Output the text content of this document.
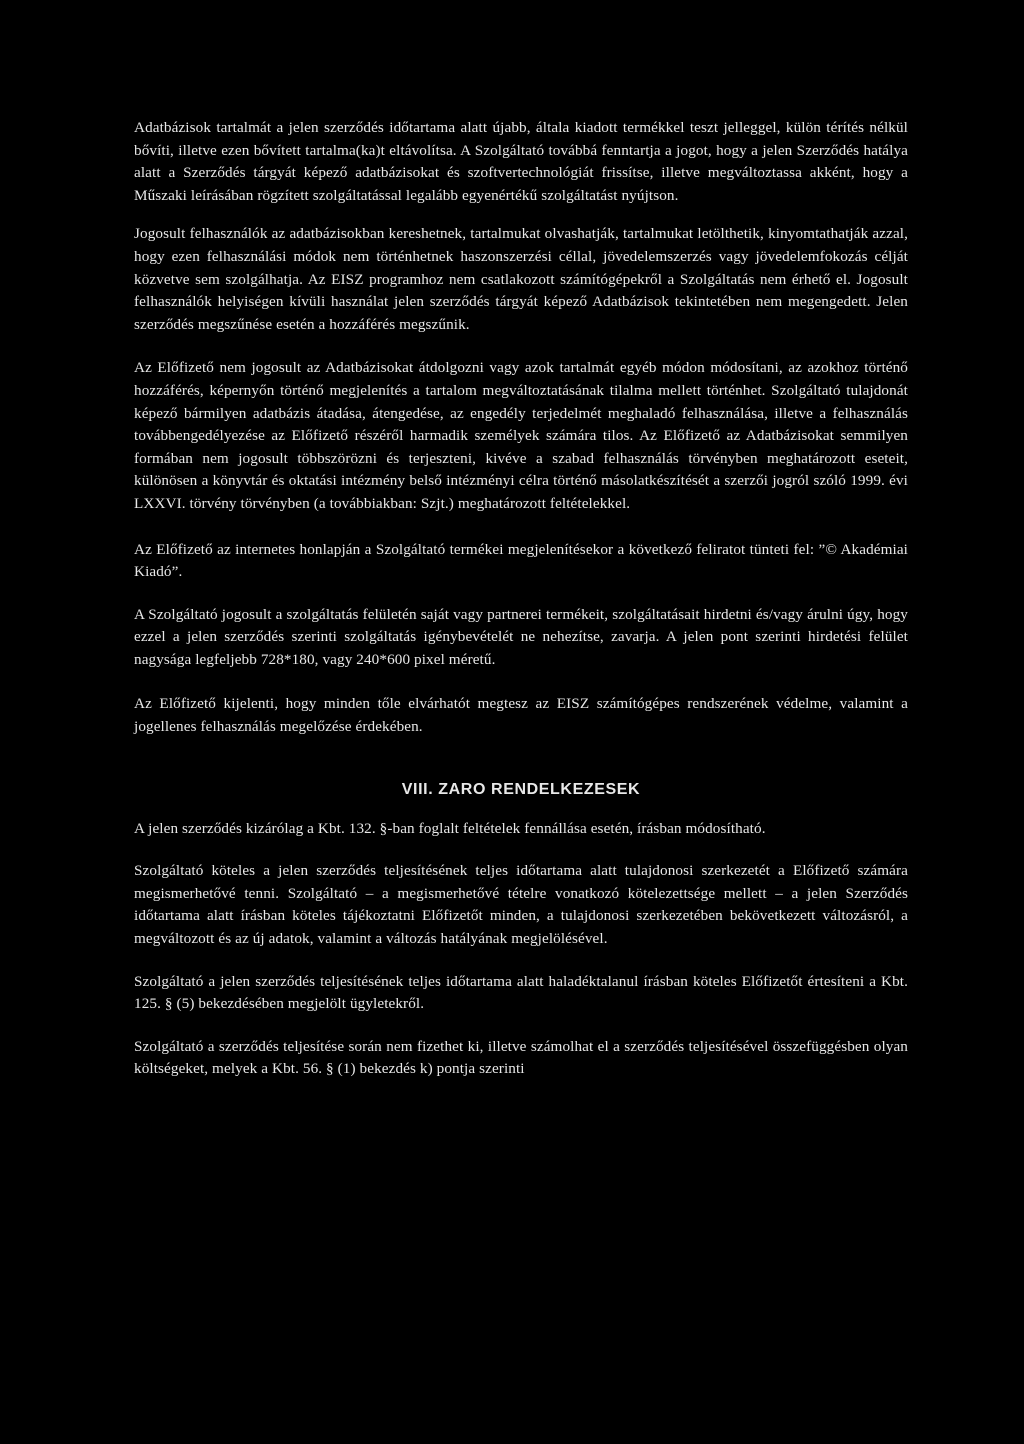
Adatbázisok tartalmát a jelen szerződés időtartama alatt újabb, általa kiadott termékkel teszt jelleggel, külön térítés nélkül bővíti, illetve ezen bővített tartalma(ka)t eltávolítsa. A Szolgáltató továbbá fenntartja a jogot, hogy a jelen Szerződés hatálya alatt a Szerződés tárgyát képező adatbázisokat és szoftvertechnológiát frissítse, illetve megváltoztassa akként, hogy a Műszaki leírásában rögzített szolgáltatással legalább egyenértékű szolgáltatást nyújtson.

Jogosult felhasználók az adatbázisokban kereshetnek, tartalmukat olvashatják, tartalmukat letölthetik, kinyomtathatják azzal, hogy ezen felhasználási módok nem történhetnek haszonszerzési céllal, jövedelemszerzés vagy jövedelemfokozás célját közvetve sem szolgálhatja. Az EISZ programhoz nem csatlakozott számítógépekről a Szolgáltatás nem érhető el. Jogosult felhasználók helyiségen kívüli használat jelen szerződés tárgyát képező Adatbázisok tekintetében nem megengedett. Jelen szerződés megszűnése esetén a hozzáférés megszűnik.

Az Előfizető nem jogosult az Adatbázisokat átdolgozni vagy azok tartalmát egyéb módon módosítani, az azokhoz történő hozzáférés, képernyőn történő megjelenítés a tartalom megváltoztatásának tilalma mellett történhet. Szolgáltató tulajdonát képező bármilyen adatbázis átadása, átengedése, az engedély terjedelmét meghaladó felhasználása, illetve a felhasználás továbbengedélyezése az Előfizető részéről harmadik személyek számára tilos. Az Előfizető az Adatbázisokat semmilyen formában nem jogosult többszörözni és terjeszteni, kivéve a szabad felhasználás törvényben meghatározott eseteit, különösen a könyvtár és oktatási intézmény belső intézményi célra történő másolatkészítését a szerzői jogról szóló 1999. évi LXXVI. törvény törvényben (a továbbiakban: Szjt.) meghatározott feltételekkel.

Az Előfizető az internetes honlapján a Szolgáltató termékei megjelenítésekor a következő feliratot tünteti fel: ”© Akadémiai Kiadó”.

A Szolgáltató jogosult a szolgáltatás felületén saját vagy partnerei termékeit, szolgáltatásait hirdetni és/vagy árulni úgy, hogy ezzel a jelen szerződés szerinti szolgáltatás igénybevételét ne nehezítse, zavarja. A jelen pont szerinti hirdetési felület nagysága legfeljebb 728*180, vagy 240*600 pixel méretű.

Az Előfizető kijelenti, hogy minden tőle elvárhatót megtesz az EISZ számítógépes rendszerének védelme, valamint a jogellenes felhasználás megelőzése érdekében.

VIII. ZARO RENDELKEZESEK

A jelen szerződés kizárólag a Kbt. 132. §-ban foglalt feltételek fennállása esetén, írásban módosítható.

Szolgáltató köteles a jelen szerződés teljesítésének teljes időtartama alatt tulajdonosi szerkezetét a Előfizető számára megismerhetővé tenni. Szolgáltató – a megismerhetővé tételre vonatkozó kötelezettsége mellett – a jelen Szerződés időtartama alatt írásban köteles tájékoztatni Előfizetőt minden, a tulajdonosi szerkezetében bekövetkezett változásról, a megváltozott és az új adatok, valamint a változás hatályának megjelölésével.

Szolgáltató a jelen szerződés teljesítésének teljes időtartama alatt haladéktalanul írásban köteles Előfizetőt értesíteni a Kbt. 125. § (5) bekezdésében megjelölt ügyletekről.

Szolgáltató a szerződés teljesítése során nem fizethet ki, illetve számolhat el a szerződés teljesítésével összefüggésben olyan költségeket, melyek a Kbt. 56. § (1) bekezdés k) pontja szerinti
